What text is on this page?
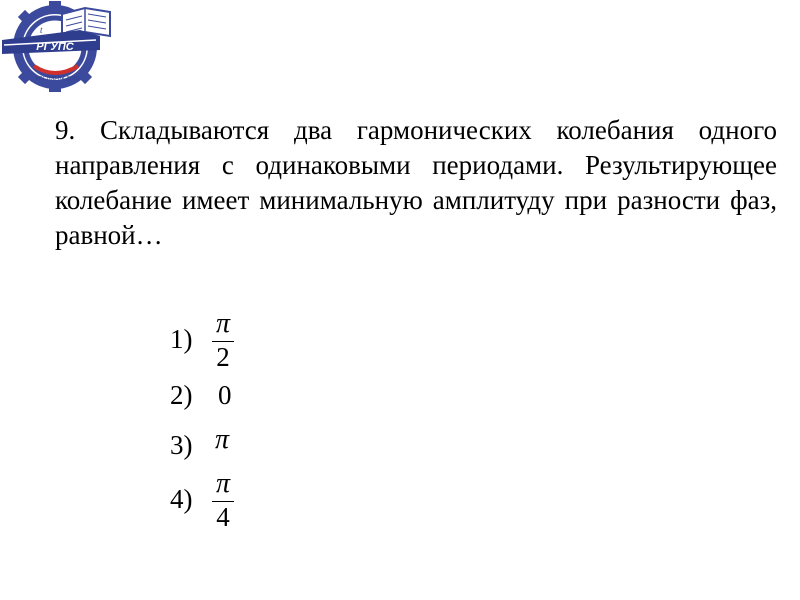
РГУПС
РОСТОВ-НА-ДОНУ
t

9. Складываются два гармонических колебания одного направления с одинаковыми периодами. Результирующее колебание имеет минимальную амплитуду при разности фаз, равной…

1) π
2
2) 0
3) π
4) π
4
